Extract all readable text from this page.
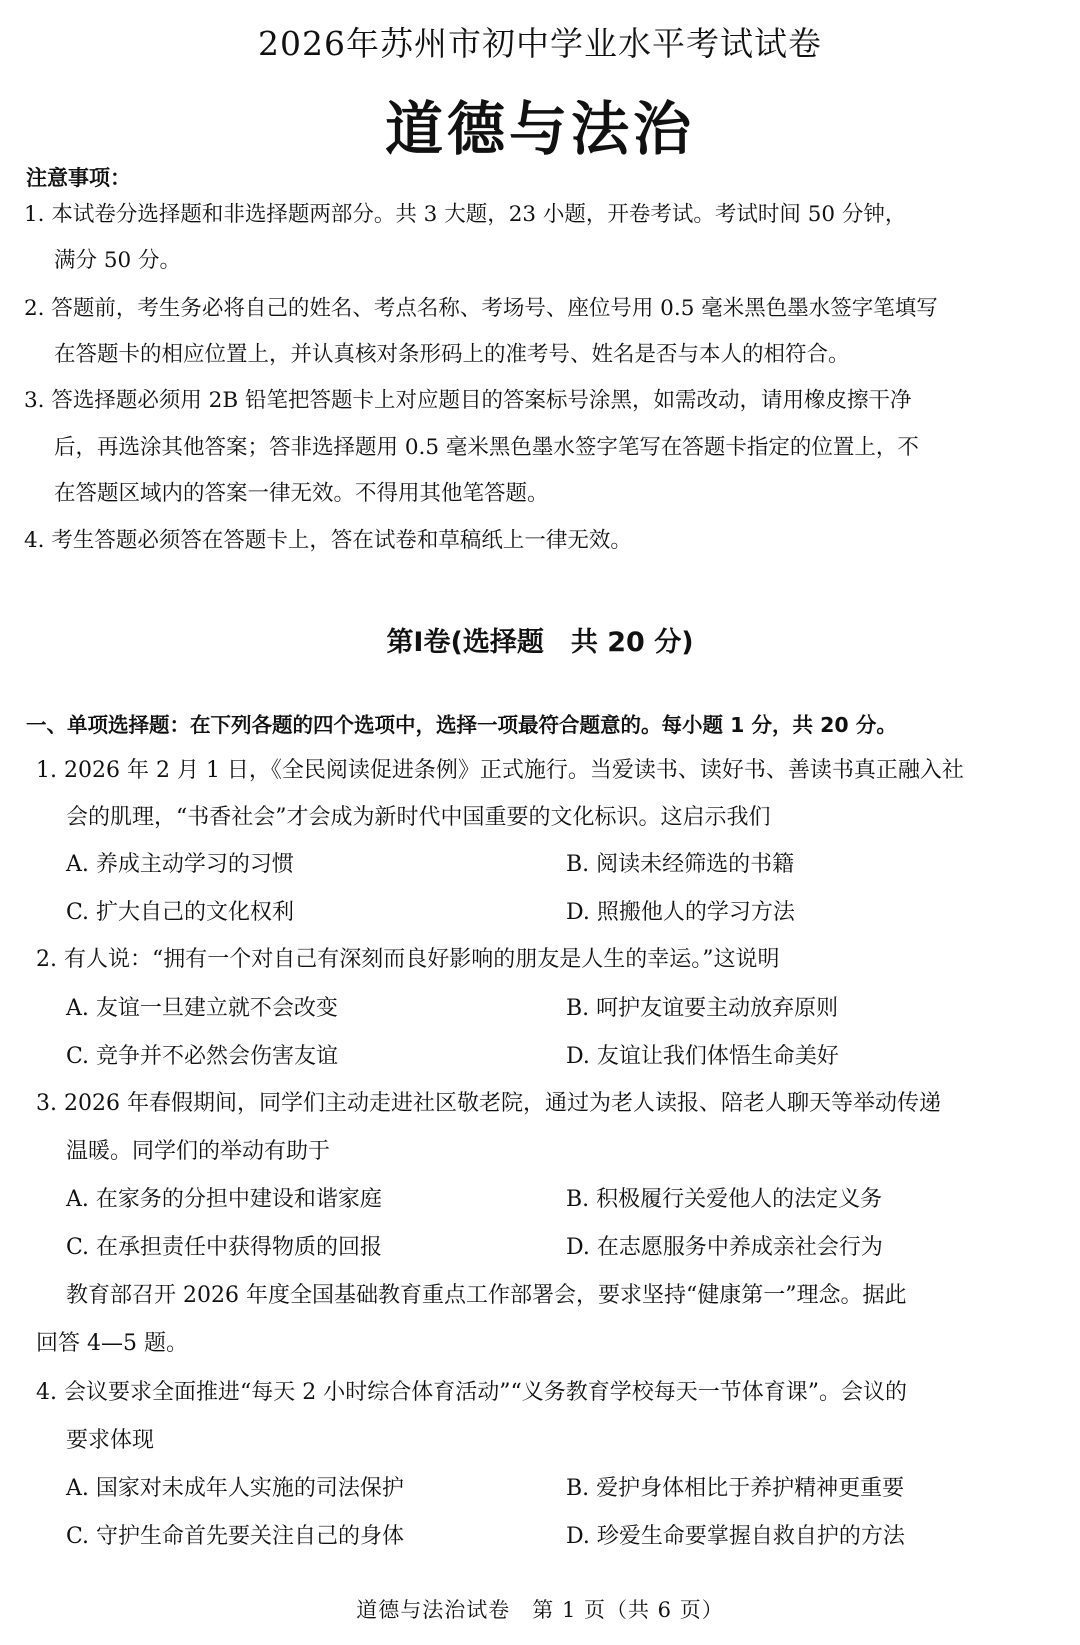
2026年苏州市初中学业水平考试试卷
道德与法治
注意事项：
1. 本试卷分选择题和非选择题两部分。共 3 大题，23 小题，开卷考试。考试时间 50 分钟，
满分 50 分。
2. 答题前，考生务必将自己的姓名、考点名称、考场号、座位号用 0.5 毫米黑色墨水签字笔填写
在答题卡的相应位置上，并认真核对条形码上的准考号、姓名是否与本人的相符合。
3. 答选择题必须用 2B 铅笔把答题卡上对应题目的答案标号涂黑，如需改动，请用橡皮擦干净
后，再选涂其他答案；答非选择题用 0.5 毫米黑色墨水签字笔写在答题卡指定的位置上，不
在答题区域内的答案一律无效。不得用其他笔答题。
4. 考生答题必须答在答题卡上，答在试卷和草稿纸上一律无效。
第Ⅰ卷(选择题　共 20 分)
一、单项选择题：在下列各题的四个选项中，选择一项最符合题意的。每小题 1 分，共 20 分。
1. 2026 年 2 月 1 日，《全民阅读促进条例》正式施行。当爱读书、读好书、善读书真正融入社
会的肌理，“书香社会”才会成为新时代中国重要的文化标识。这启示我们
A. 养成主动学习的习惯	B. 阅读未经筛选的书籍
C. 扩大自己的文化权利	D. 照搬他人的学习方法
2. 有人说：“拥有一个对自己有深刻而良好影响的朋友是人生的幸运。”这说明
A. 友谊一旦建立就不会改变	B. 呵护友谊要主动放弃原则
C. 竞争并不必然会伤害友谊	D. 友谊让我们体悟生命美好
3. 2026 年春假期间，同学们主动走进社区敬老院，通过为老人读报、陪老人聊天等举动传递
温暖。同学们的举动有助于
A. 在家务的分担中建设和谐家庭	B. 积极履行关爱他人的法定义务
C. 在承担责任中获得物质的回报	D. 在志愿服务中养成亲社会行为
教育部召开 2026 年度全国基础教育重点工作部署会，要求坚持“健康第一”理念。据此
回答 4—5 题。
4. 会议要求全面推进“每天 2 小时综合体育活动”“义务教育学校每天一节体育课”。会议的
要求体现
A. 国家对未成年人实施的司法保护	B. 爱护身体相比于养护精神更重要
C. 守护生命首先要关注自己的身体	D. 珍爱生命要掌握自救自护的方法
道德与法治试卷　第 1 页（共 6 页）
